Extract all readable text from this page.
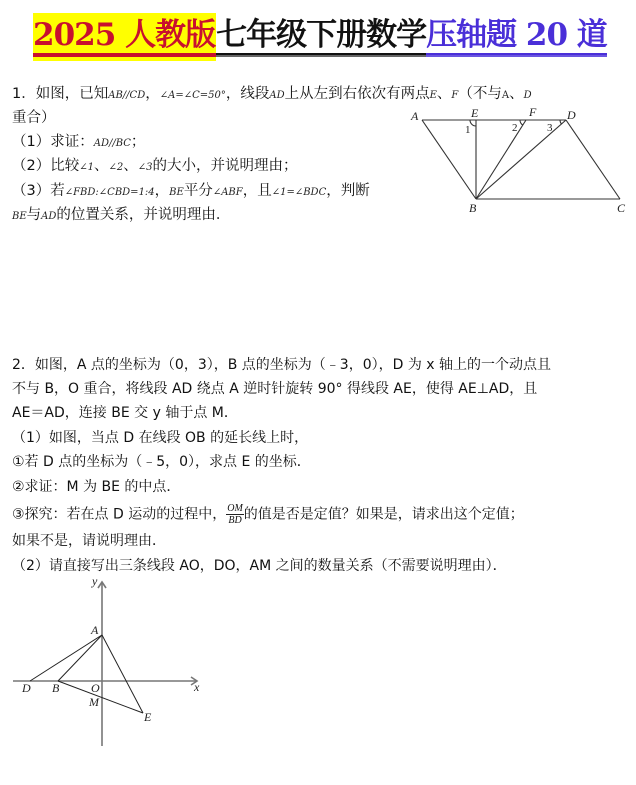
2025 人教版七年级下册数学压轴题 20 道
1．如图，已知AB//CD，∠A=∠C=50°，线段AD上从左到右依次有两点E、F（不与A、D
重合）
（1）求证：AD//BC；
（2）比较∠1、∠2、∠3的大小，并说明理由；
（3）若∠FBD:∠CBD=1:4，BE平分∠ABF，且∠1=∠BDC，判断
BE与AD的位置关系，并说明理由．
A	E	F	D
B	C
1	2	3
2．如图，A 点的坐标为（0，3），B 点的坐标为（﹣3，0），D 为 x 轴上的一个动点且
不与 B，O 重合，将线段 AD 绕点 A 逆时针旋转 90° 得线段 AE，使得 AE⊥AD，且
AE＝AD，连接 BE 交 y 轴于点 M．
（1）如图，当点 D 在线段 OB 的延长线上时，
①若 D 点的坐标为（﹣5，0），求点 E 的坐标．
②求证：M 为 BE 的中点．
③探究：若在点 D 运动的过程中， $\frac{OM}{BD}$ 的值是否是定值？如果是，请求出这个定值；
如果不是，请说明理由．
（2）请直接写出三条线段 AO，DO，AM 之间的数量关系（不需要说明理由）．
y
x
A
D B	O
M
E
